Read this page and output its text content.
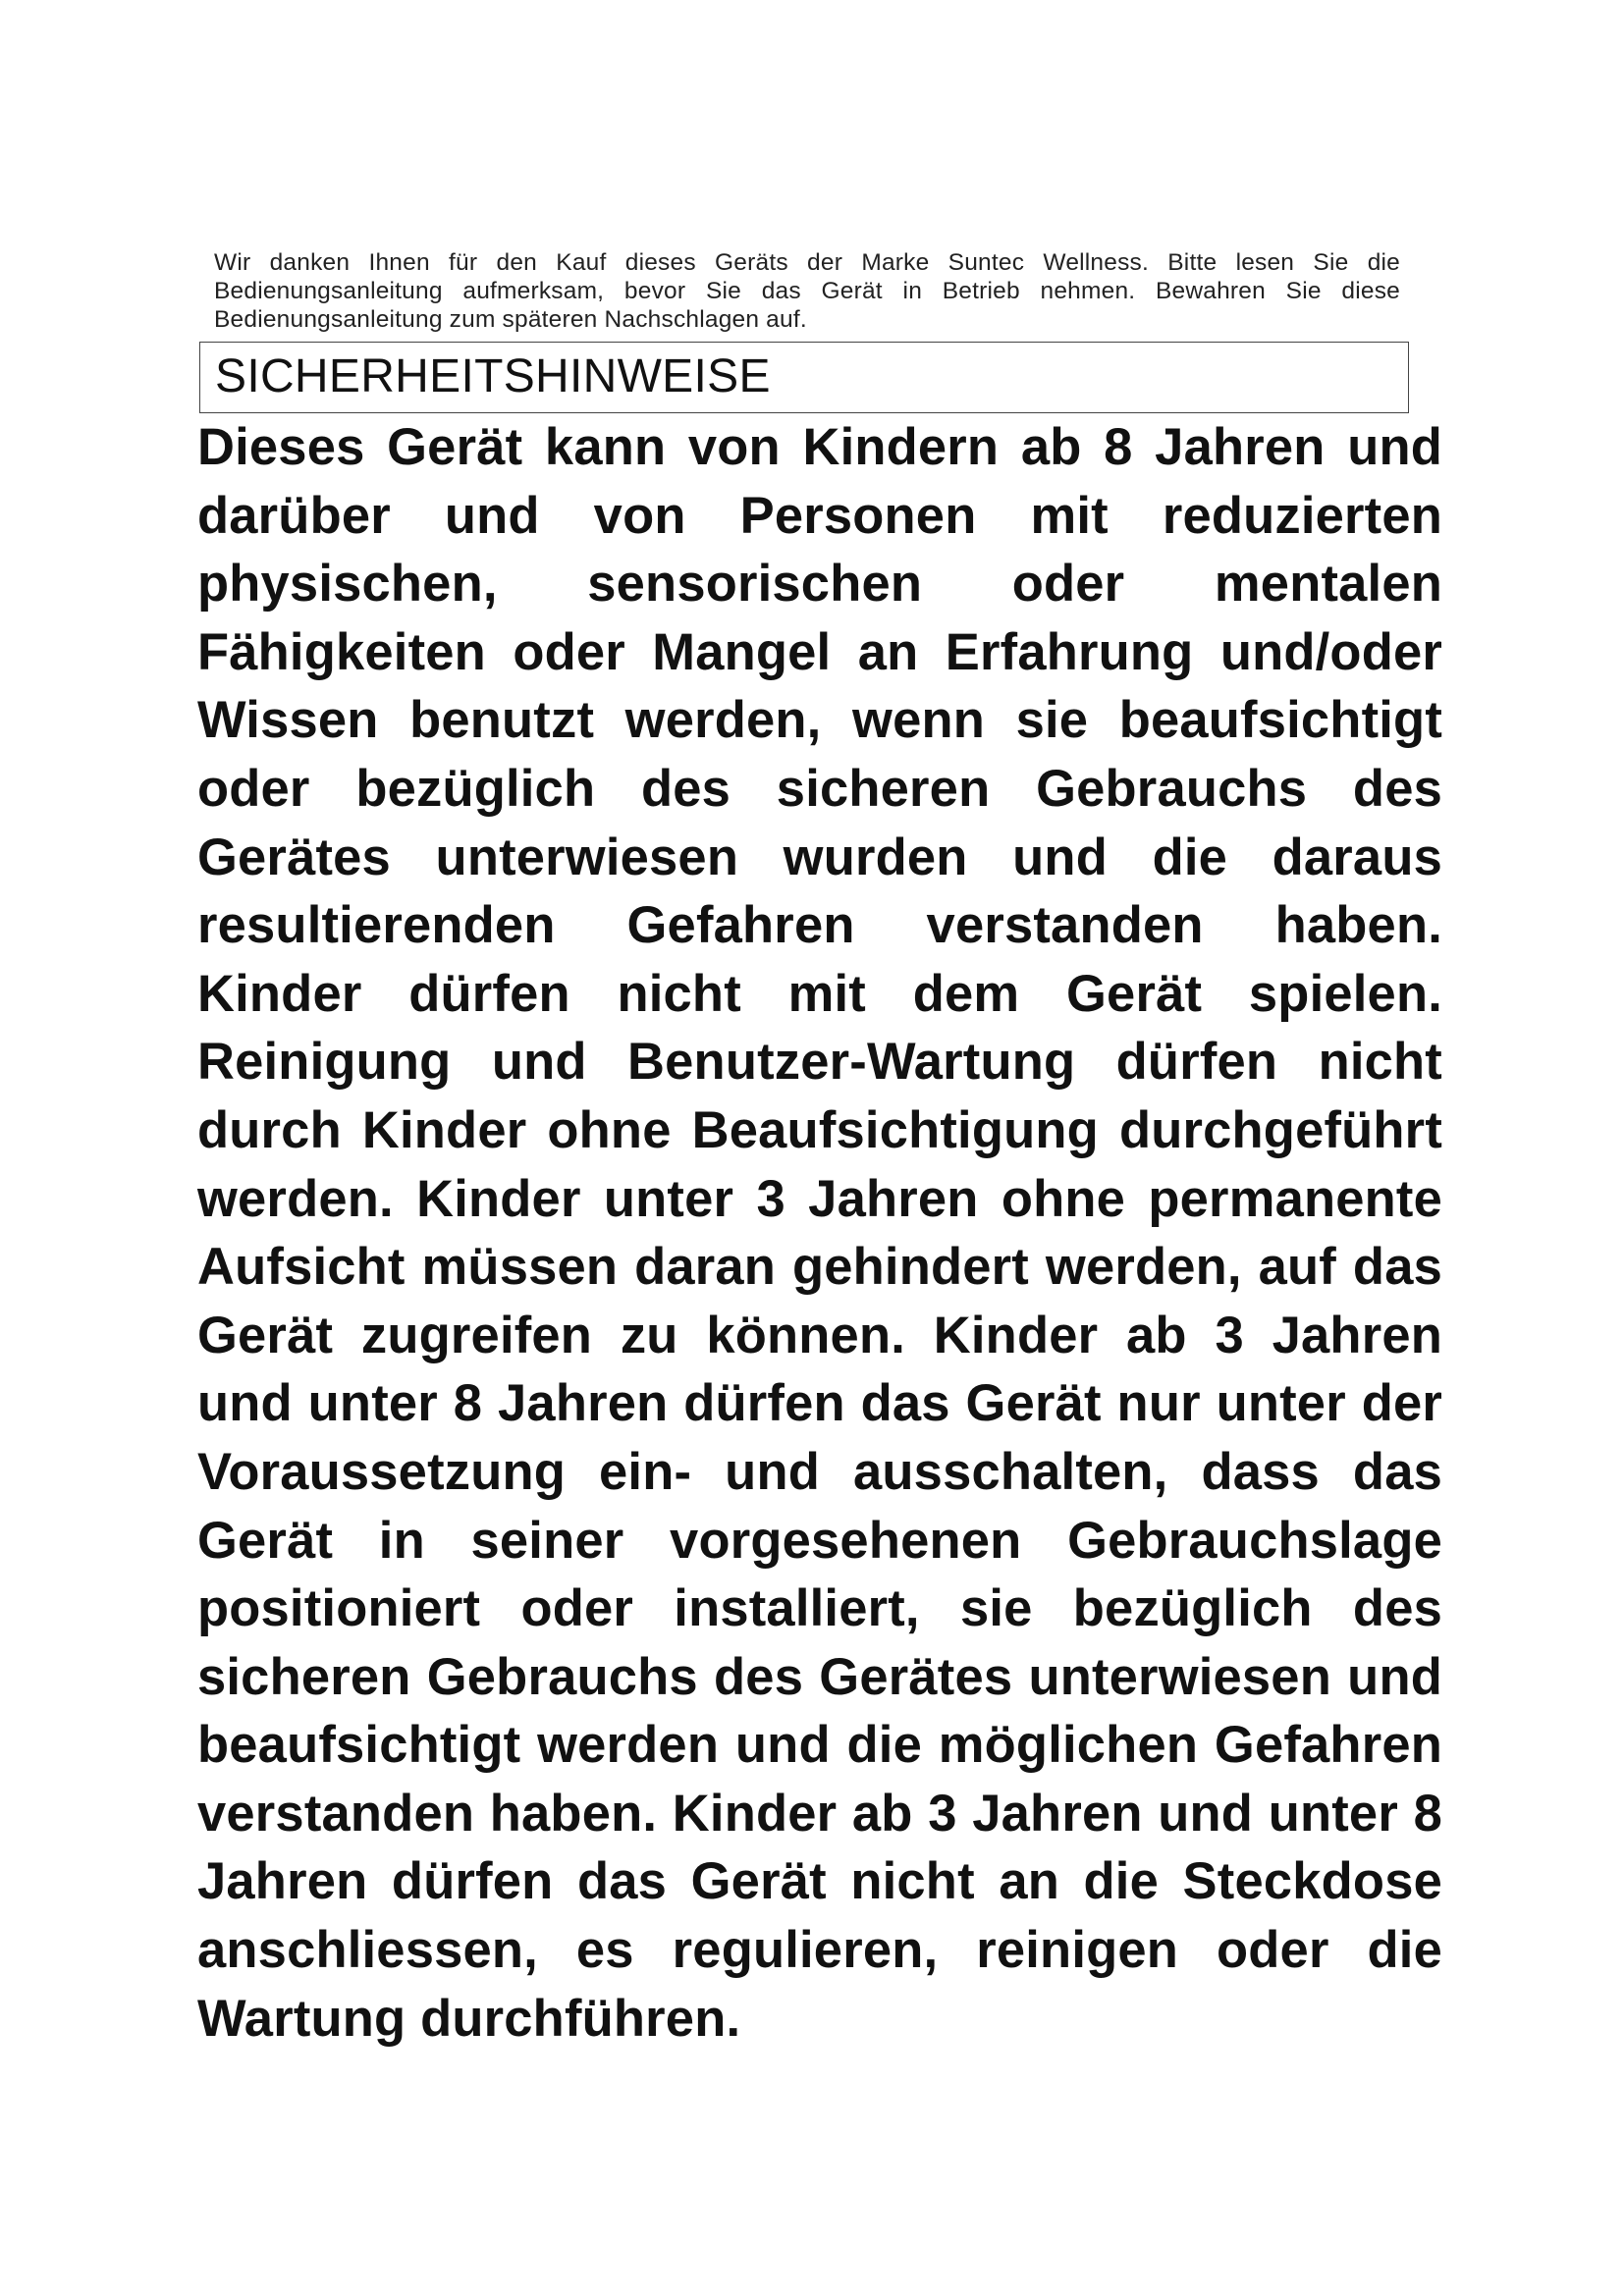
Wir danken Ihnen für den Kauf dieses Geräts der Marke Suntec Wellness. Bitte lesen Sie die Bedienungsanleitung aufmerksam, bevor Sie das Gerät in Betrieb nehmen. Bewahren Sie diese Bedienungsanleitung zum späteren Nachschlagen auf.

SICHERHEITSHINWEISE

Dieses Gerät kann von Kindern ab 8 Jahren und darüber und von Personen mit reduzierten physischen, sensorischen oder mentalen Fähigkeiten oder Mangel an Erfahrung und/oder Wissen benutzt werden, wenn sie beaufsichtigt oder bezüglich des sicheren Gebrauchs des Gerätes unterwiesen wurden und die daraus resultierenden Gefahren verstanden haben. Kinder dürfen nicht mit dem Gerät spielen. Reinigung und Benutzer-Wartung dürfen nicht durch Kinder ohne Beaufsichtigung durchgeführt werden. Kinder unter 3 Jahren ohne permanente Aufsicht müssen daran gehindert werden, auf das Gerät zugreifen zu können. Kinder ab 3 Jahren und unter 8 Jahren dürfen das Gerät nur unter der Voraussetzung ein- und ausschalten, dass das Gerät in seiner vorgesehenen Gebrauchslage positioniert oder installiert, sie bezüglich des sicheren Gebrauchs des Gerätes unterwiesen und beaufsichtigt werden und die möglichen Gefahren verstanden haben. Kinder ab 3 Jahren und unter 8 Jahren dürfen das Gerät nicht an die Steckdose anschliessen, es regulieren, reinigen oder die Wartung durchführen.
